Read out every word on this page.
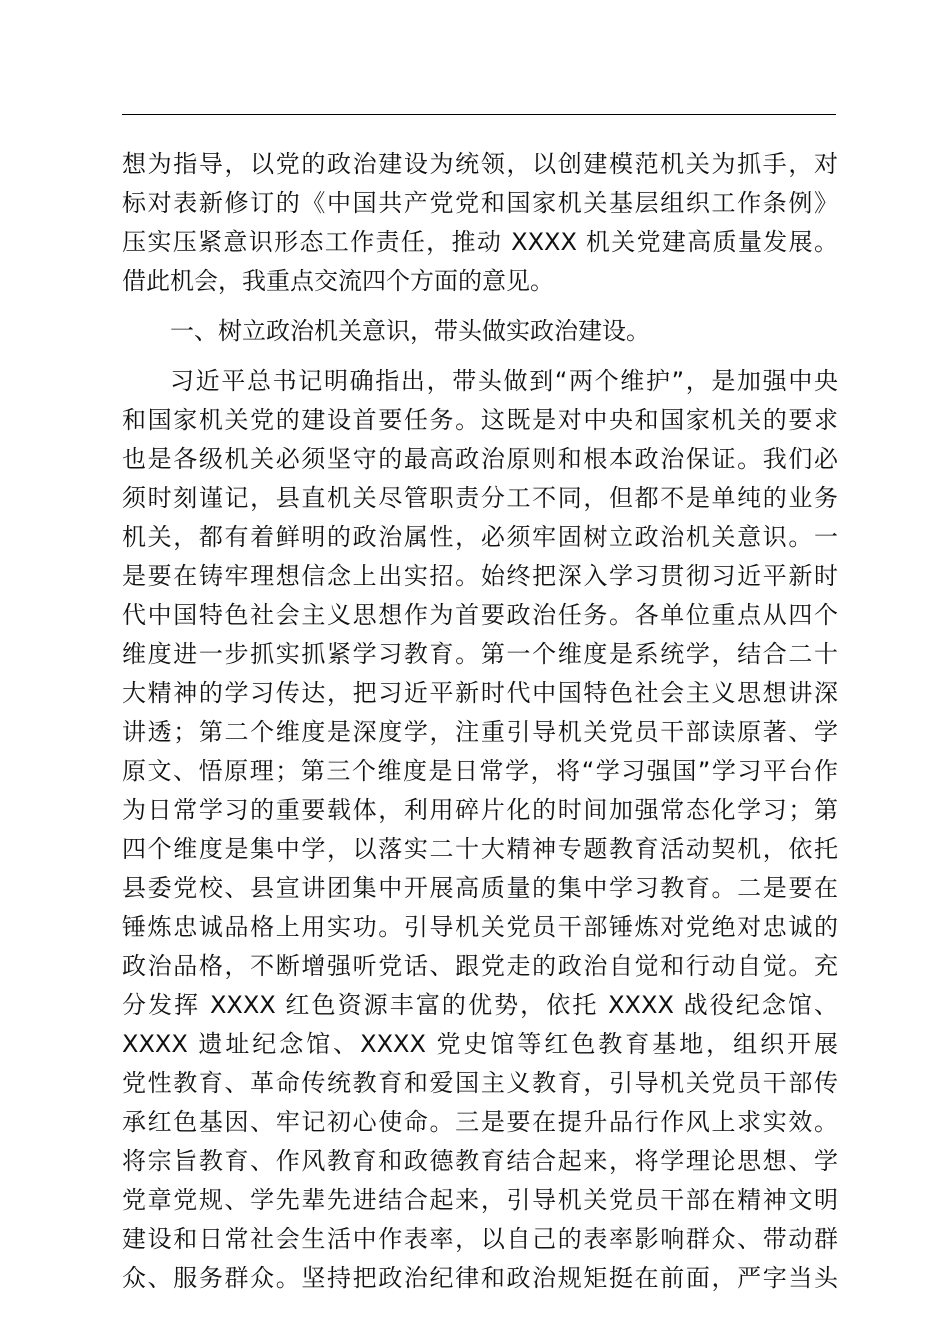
想为指导，以党的政治建设为统领，以创建模范机关为抓手，对
标对表新修订的《中国共产党党和国家机关基层组织工作条例》
压实压紧意识形态工作责任，推动 XXXX 机关党建高质量发展。
借此机会，我重点交流四个方面的意见。
一、树立政治机关意识，带头做实政治建设。
习近平总书记明确指出，带头做到“两个维护”，是加强中央
和国家机关党的建设首要任务。这既是对中央和国家机关的要求
也是各级机关必须坚守的最高政治原则和根本政治保证。我们必
须时刻谨记，县直机关尽管职责分工不同，但都不是单纯的业务
机关，都有着鲜明的政治属性，必须牢固树立政治机关意识。一
是要在铸牢理想信念上出实招。始终把深入学习贯彻习近平新时
代中国特色社会主义思想作为首要政治任务。各单位重点从四个
维度进一步抓实抓紧学习教育。第一个维度是系统学，结合二十
大精神的学习传达，把习近平新时代中国特色社会主义思想讲深
讲透；第二个维度是深度学，注重引导机关党员干部读原著、学
原文、悟原理；第三个维度是日常学，将“学习强国”学习平台作
为日常学习的重要载体，利用碎片化的时间加强常态化学习；第
四个维度是集中学，以落实二十大精神专题教育活动契机，依托
县委党校、县宣讲团集中开展高质量的集中学习教育。二是要在
锤炼忠诚品格上用实功。引导机关党员干部锤炼对党绝对忠诚的
政治品格，不断增强听党话、跟党走的政治自觉和行动自觉。充
分发挥 XXXX 红色资源丰富的优势，依托 XXXX 战役纪念馆、
XXXX 遗址纪念馆、XXXX 党史馆等红色教育基地，组织开展
党性教育、革命传统教育和爱国主义教育，引导机关党员干部传
承红色基因、牢记初心使命。三是要在提升品行作风上求实效。
将宗旨教育、作风教育和政德教育结合起来，将学理论思想、学
党章党规、学先辈先进结合起来，引导机关党员干部在精神文明
建设和日常社会生活中作表率，以自己的表率影响群众、带动群
众、服务群众。坚持把政治纪律和政治规矩挺在前面，严字当头
